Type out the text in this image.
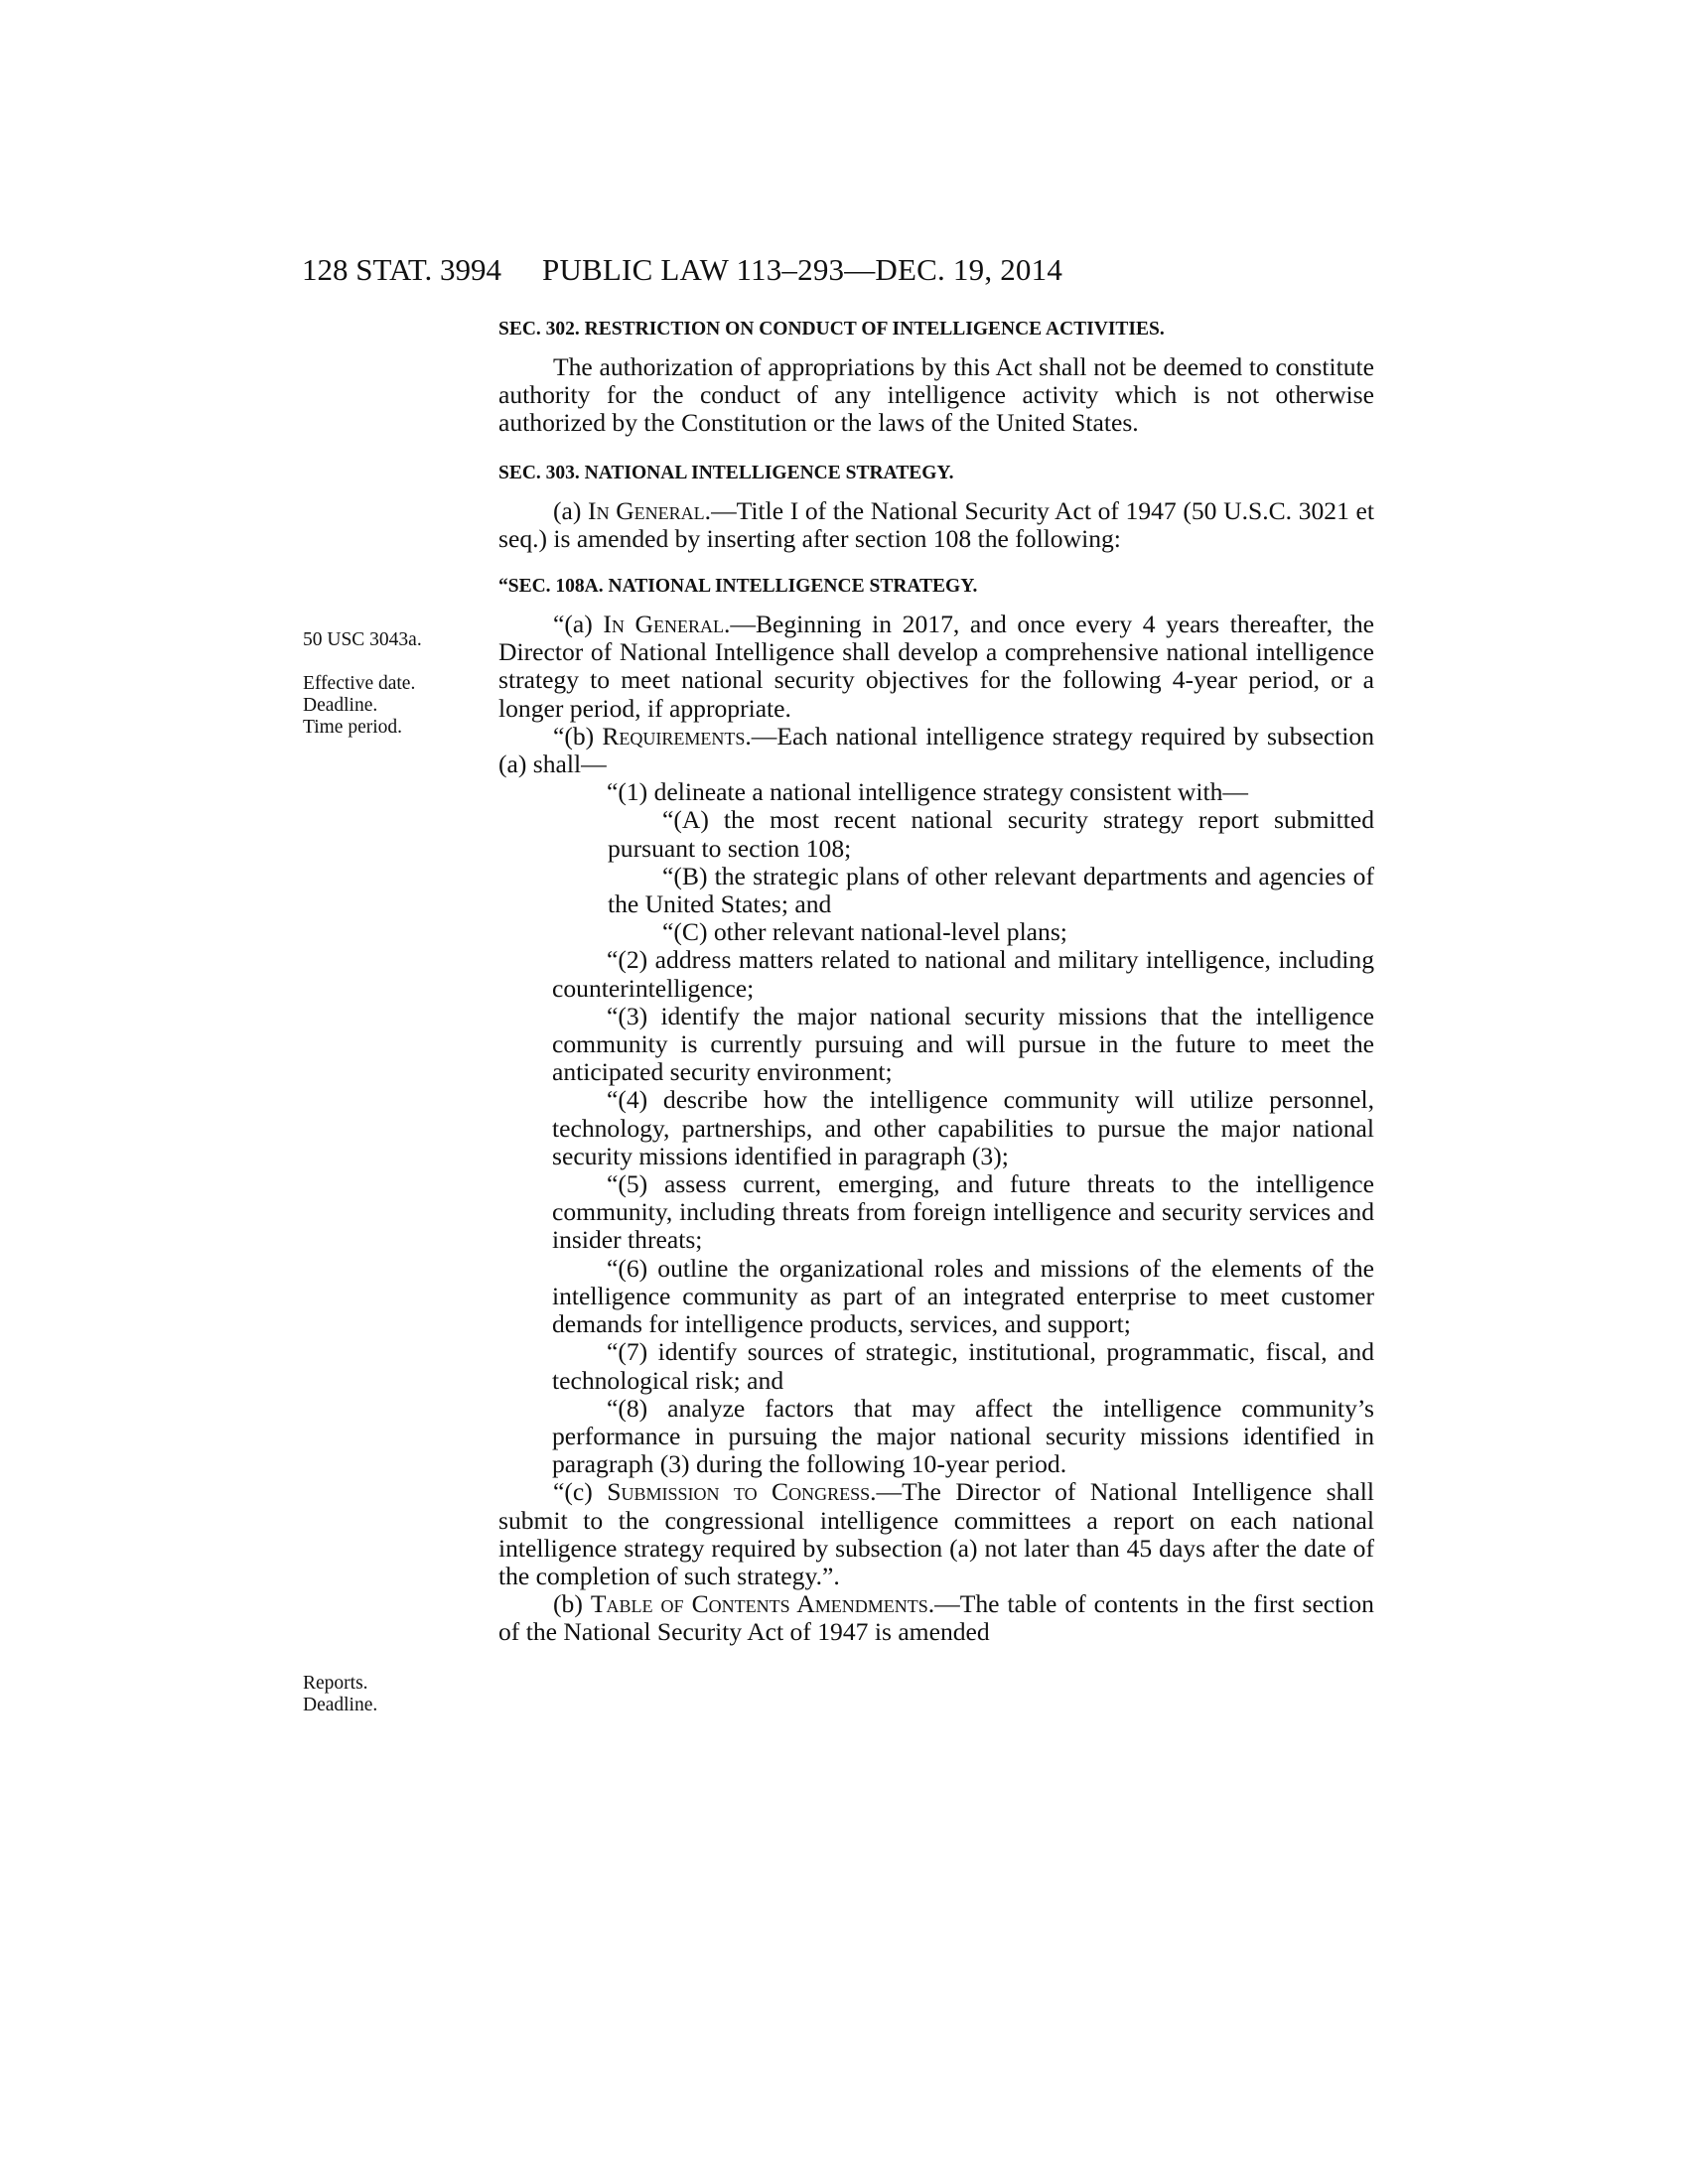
128 STAT. 3994 PUBLIC LAW 113–293—DEC. 19, 2014
50 USC 3043a.
Effective date.
Deadline.
Time period.
Reports.
Deadline.
SEC. 302. RESTRICTION ON CONDUCT OF INTELLIGENCE ACTIVITIES.

The authorization of appropriations by this Act shall not be deemed to constitute authority for the conduct of any intelligence activity which is not otherwise authorized by the Constitution or the laws of the United States.

SEC. 303. NATIONAL INTELLIGENCE STRATEGY.

(a) In General.—Title I of the National Security Act of 1947 (50 U.S.C. 3021 et seq.) is amended by inserting after section 108 the following:

“SEC. 108A. NATIONAL INTELLIGENCE STRATEGY.

“(a) In General.—Beginning in 2017, and once every 4 years thereafter, the Director of National Intelligence shall develop a comprehensive national intelligence strategy to meet national security objectives for the following 4-year period, or a longer period, if appropriate.

“(b) Requirements.—Each national intelligence strategy required by subsection (a) shall—

“(1) delineate a national intelligence strategy consistent with—

“(A) the most recent national security strategy report submitted pursuant to section 108;

“(B) the strategic plans of other relevant departments and agencies of the United States; and

“(C) other relevant national-level plans;

“(2) address matters related to national and military intelligence, including counterintelligence;

“(3) identify the major national security missions that the intelligence community is currently pursuing and will pursue in the future to meet the anticipated security environment;

“(4) describe how the intelligence community will utilize personnel, technology, partnerships, and other capabilities to pursue the major national security missions identified in paragraph (3);

“(5) assess current, emerging, and future threats to the intelligence community, including threats from foreign intelligence and security services and insider threats;

“(6) outline the organizational roles and missions of the elements of the intelligence community as part of an integrated enterprise to meet customer demands for intelligence products, services, and support;

“(7) identify sources of strategic, institutional, programmatic, fiscal, and technological risk; and

“(8) analyze factors that may affect the intelligence community’s performance in pursuing the major national security missions identified in paragraph (3) during the following 10-year period.

“(c) Submission to Congress.—The Director of National Intelligence shall submit to the congressional intelligence committees a report on each national intelligence strategy required by subsection (a) not later than 45 days after the date of the completion of such strategy.”.

(b) Table of Contents Amendments.—The table of contents in the first section of the National Security Act of 1947 is amended
